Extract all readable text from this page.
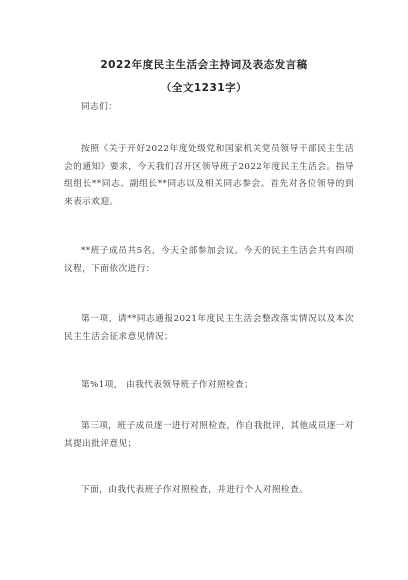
2022年度民主生活会主持词及表态发言稿
（全文1231字）
同志们：
按照《关于开好2022年度处级党和国家机关党员领导干部民主生活会的通知》要求，今天我们召开区领导班子2022年度民主生活会。指导组组长**同志、副组长**同志以及相关同志参会。首先对各位领导的到来表示欢迎。
**班子成员共5名，今天全部参加会议。今天的民主生活会共有四项议程，下面依次进行：
第一项，请**同志通报2021年度民主生活会整改落实情况以及本次民主生活会征求意见情况；
第%1项， 由我代表领导班子作对照检查；
第三项，班子成员逐一进行对照检查，作自我批评，其他成员逐一对其提出批评意见；
下面，由我代表班子作对照检查，并进行个人对照检查。
